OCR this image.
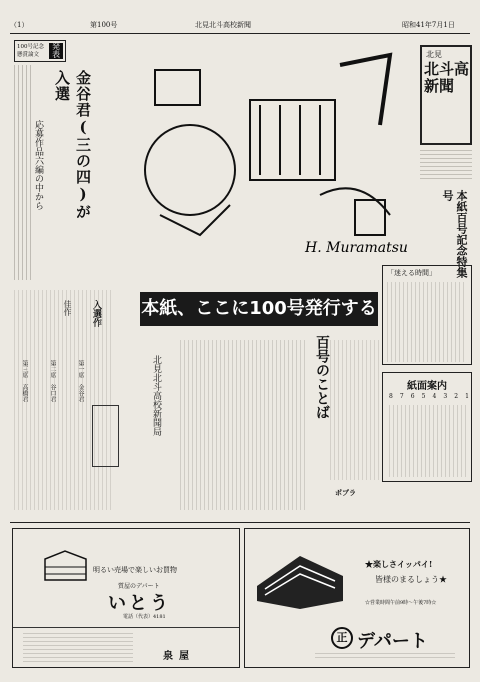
（1）	第100号	北見北斗高校新聞	昭和41年7月1日
100号記念懸賞論文
発表
金谷君(三の四)が入選
応募作品六編の中から
入選作
佳作
第一席　金谷君
第二席　谷口君
第三席　高橋君
H. Muramatsu
北見
北斗高新聞
本紙百号記念特集号
本紙、ここに100号発行する
「迷える時間」
紙面案内
8 7 6 5 4 3 2 1
ポプラ
北見北斗高校新聞局	百号のことば
明るい売場で楽しいお買物
質屋のデパート
いとう
電話（代表）4181
泉屋
★楽しさイッパイ!
皆様のまるしょう★
☆営業時間午前9時～午後7時☆
正 デパート
